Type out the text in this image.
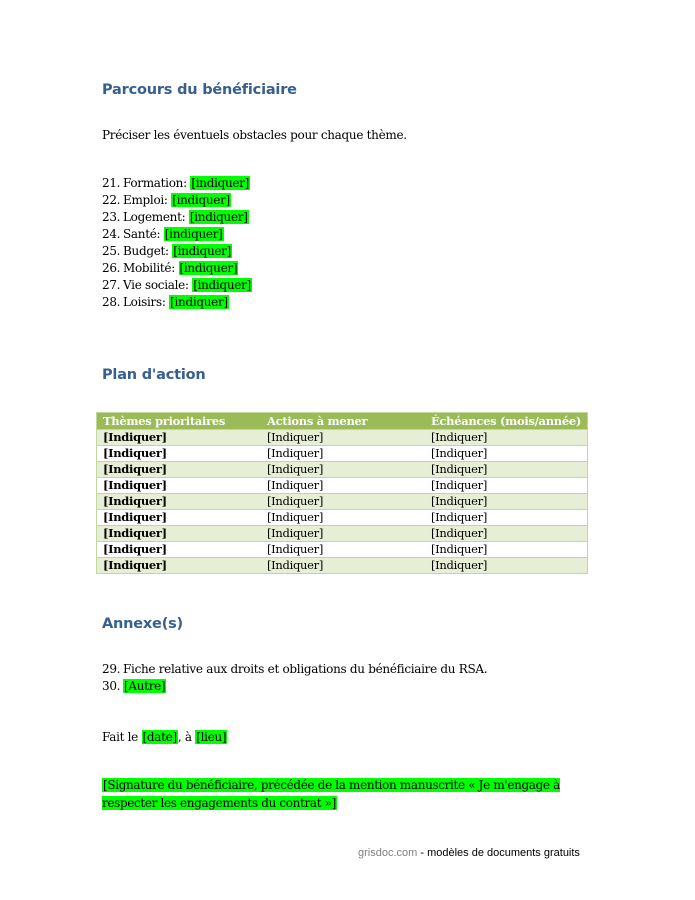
Parcours du bénéficiaire

Préciser les éventuels obstacles pour chaque thème.

21. Formation: [indiquer]
22. Emploi: [indiquer]
23. Logement: [indiquer]
24. Santé: [indiquer]
25. Budget: [indiquer]
26. Mobilité: [indiquer]
27. Vie sociale: [indiquer]
28. Loisirs: [indiquer]
Plan d'action
Thèmes prioritaires	Actions à mener	Échéances (mois/année)
[Indiquer]	[Indiquer]	[Indiquer]
[Indiquer]	[Indiquer]	[Indiquer]
[Indiquer]	[Indiquer]	[Indiquer]
[Indiquer]	[Indiquer]	[Indiquer]
[Indiquer]	[Indiquer]	[Indiquer]
[Indiquer]	[Indiquer]	[Indiquer]
[Indiquer]	[Indiquer]	[Indiquer]
[Indiquer]	[Indiquer]	[Indiquer]
[Indiquer]	[Indiquer]	[Indiquer]
Annexe(s)
29. Fiche relative aux droits et obligations du bénéficiaire du RSA.
30. [Autre]

Fait le [date], à [lieu]

[Signature du bénéficiaire, précédée de la mention manuscrite « Je m'engage à respecter les engagements du contrat »]

grisdoc.com - modèles de documents gratuits
